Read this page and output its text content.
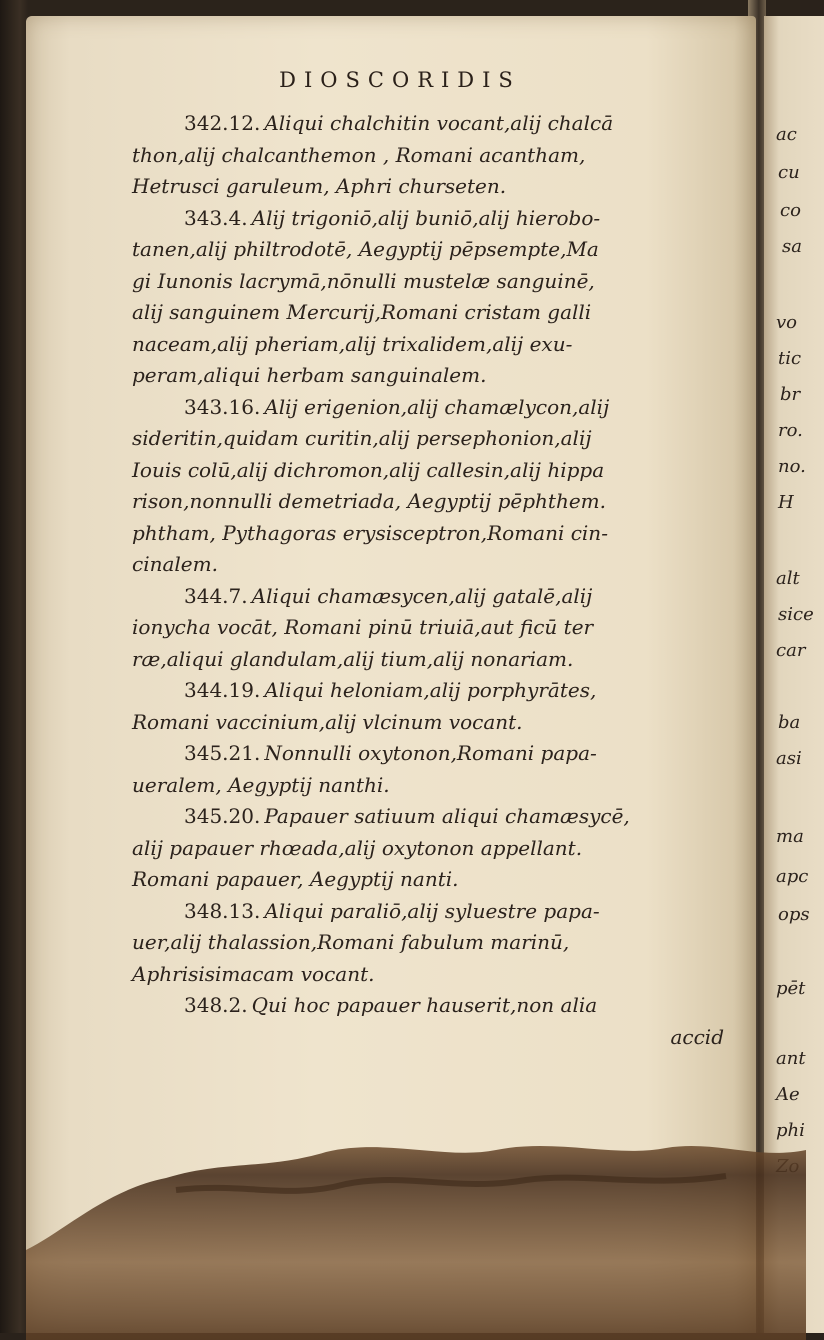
DIOSCORIDIS
342.12. Aliqui chalchitin vocant,alij chalcā
thon,alij chalcanthemon , Romani acantham,
Hetrusci garuleum, Aphri churseten.
343.4. Alij trigoniō,alij buniō,alij hierobo-
tanen,alij philtrodotē, Aegyptij pēpsempte,Ma
gi Iunonis lacrymā,nōnulli mustelæ sanguinē,
alij sanguinem Mercurij,Romani cristam galli
naceam,alij pheriam,alij trixalidem,alij exu-
peram,aliqui herbam sanguinalem.
343.16. Alij erigenion,alij chamælycon,alij
sideritin,quidam curitin,alij persephonion,alij
Iouis colū,alij dichromon,alij callesin,alij hippa
rison,nonnulli demetriada, Aegyptij pēphthem.
phtham, Pythagoras erysisceptron,Romani cin-
cinalem.
344.7. Aliqui chamæsycen,alij gatalē,alij
ionycha vocāt, Romani pinū triuiā,aut ficū ter
ræ,aliqui glandulam,alij tium,alij nonariam.
344.19. Aliqui heloniam,alij porphyrātes,
Romani vaccinium,alij vlcinum vocant.
345.21. Nonnulli oxytonon,Romani papa-
ueralem, Aegyptij nanthi.
345.20. Papauer satiuum aliqui chamæsycē,
alij papauer rhœada,alij oxytonon appellant.
Romani papauer, Aegyptij nanti.
348.13. Aliqui paraliō,alij syluestre papa-
uer,alij thalassion,Romani fabulum marinū,
Aphrisisimacam vocant.
348.2. Qui hoc papauer hauserit,non alia
accid
ac
cu
co
sa
vo
tic
br
ro.
no.
H
alt
sice
car
ba
asi
ma
apc
ops
pēt
ant
Ae
phi
